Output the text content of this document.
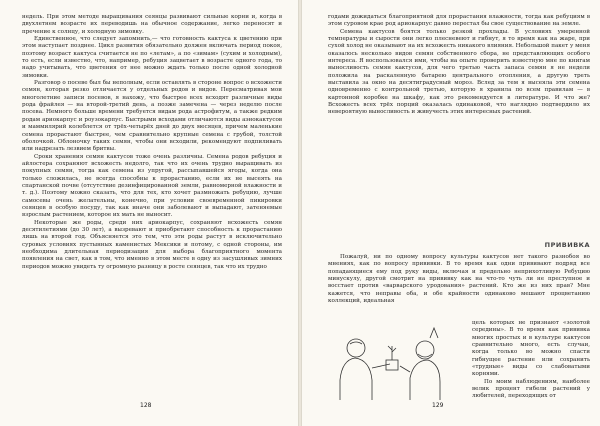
недель. При этом методе выращивания сеянцы развивают сильные корни и, когда в двухлетнем возрасте их переводишь на обычное содержание, легко переносят и пречение к солнцу, и холодную зимовку.

Единственное, что следует запомнить,— что готовность кактуса к цветению при этом наступает позднее. Цикл развития обязательно должен включать период покоя, поэтому возраст кактуса считается не по «летам», а по «зимам» (сухим и холодным), то есть, если известно, что, например, ребуция зацветает в возрасте одного года, то надо учитывать, что цветения от нее можно ждать только после одной холодной зимовки.

Разговор о посеве был бы неполным, если оставлять в стороне вопрос о всхожести семян, которая резко отличается у отдельных родов и видов. Пересматривая мои многолетние записи посевов, я нахожу, что быстрее всех всходят различные виды рода фрайлея — на второй-третий день, а позже замечена — через неделю после посева. Немного больше времени требуется видам рода астрофитум, а также редким родам ариокарпус и роузокарпус. Быстрыми всходами отличаются виды аэнокактусов и маммилярий колеблется от трёх-четырёх дней до двух месяцев, причем маленькие семена прорастают быстрее, чем сравнительно крупные семена с грубой, толстой оболочкой. Облоночку таких семян, чтобы они всходили, рекомендуют подпиливать или надрезать лезвием бритвы.

Сроки хранения семян кактусов тоже очень различны. Семена родов ребуция и айлостера сохраняют всхожесть недолго, так что их очень трудно выращивать из покупных семян, тогда как семена из упругой, рассыпавшейся ягоды, когда она только сложилась, не всегда способны к прорастанию, если их не высеять на спартанской почве (отсутствие дезинфицированной земли, равномерной влажности и т. д.). Поэтому можно сказать, что для тех, кто хочет размножать ребуцию, лучше самосевы очень желательны, конечно, при условии своевременной пикировки сеянцев в особую посуду, так как иначе они заболевают и выпадают, затеняемые взрослым растением, которое их мать не выносит.

Некоторые же роды, среди них ариокарпус, сохраняют всхожесть семян десятилетиями (до 30 лет), а вызревают и приобретают способность к прорастанию лишь на второй год. Объясняется это тем, что эти роды растут в исключительно суровых условиях пустынных каменистых Мексики и потому, с одной стороны, им необходима длительная периодизация для выбора благоприятного момента появления на свет, как в том, что именно в этом месте в одну из засушливых зимних периодов можно увидеть ту огромную разницу в росте сеянцев, так что их трудно

128

годами дожидаться благоприятной для прорастания влажности, тогда как ребуциям в этом суровом крае род ариокарпус давно перестал бы свое существование на земле.

Семена кактусов боятся только резкой прохлады. В условиях умеренной температуры и сырости они легко плесневеют и гибнут, я то время как на жаре, при сухой холод не оказывают на их всхожесть никакого влияния. Небольшой пакет у меня оказалось несколько видов семян собственного сбора, не представляющих особого интереса. Я воспользовался ими, чтобы на опыте проверить известную мне по книгам выносливость семян кактусов, для чего третью часть запаса семян я не недели положила на раскаленную батарею центрального отопления, а другую треть выставила за окно на десятиградусный мороз. Вслед за тем я высеяла эти семена одновременно с контрольной третью, которую я хранила по всем правилам — в картонной коробке на шкафу, как это рекомендуется в литературе. И что же? Всхожесть всех трёх порций оказалась одинаковой, что наглядно подтвердило их невероятную выносливость и живучесть этих интересных растений.

ПРИВИВКА

Пожалуй, ни по одному вопросу культуры кактусов нет такого разнобоя во мнениях, как по вопросу прививки. В то время как одни прививают подряд все попадающиеся ему под руку виды, включая и предельно неприхотливую Ребуцию минускулу, другой смотрит на прививку как на что-то чуть ли не преступное и восстает против «варварского уродования» растений. Кто же из них прав? Мне кажется, что неправы оба, и обе крайности одинаково мешают процветанию коллекций, идеальная

цель которых не признают «золотой середины». В то время как прививка многих простых и в культуре кактусов сравнительно много, есть случаи, когда только во можно спасти гибнущее растение или сохранить «трудные» виды со слабоватыми корнями.

По моим наблюдениям, наиболее велик процент гибели растений у любителей, переходящих от

129
